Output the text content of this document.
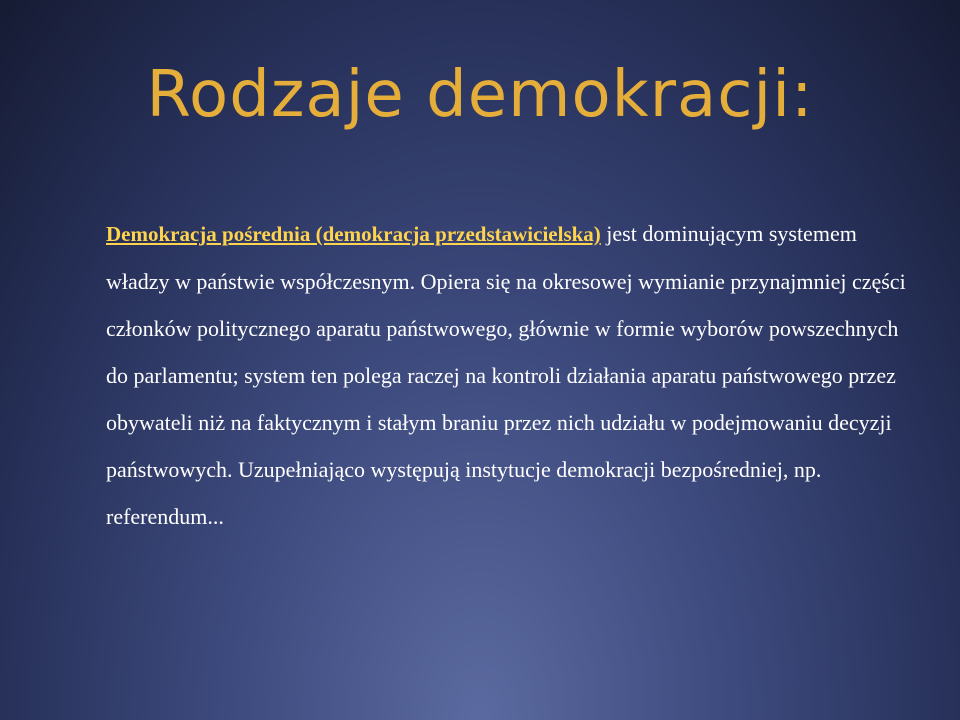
Rodzaje demokracji:

Demokracja pośrednia (demokracja przedstawicielska) jest dominującym systemem władzy w państwie współczesnym. Opiera się na okresowej wymianie przynajmniej części członków politycznego aparatu państwowego, głównie w formie wyborów powszechnych do parlamentu; system ten polega raczej na kontroli działania aparatu państwowego przez obywateli niż na faktycznym i stałym braniu przez nich udziału w podejmowaniu decyzji państwowych. Uzupełniająco występują instytucje demokracji bezpośredniej, np. referendum...
